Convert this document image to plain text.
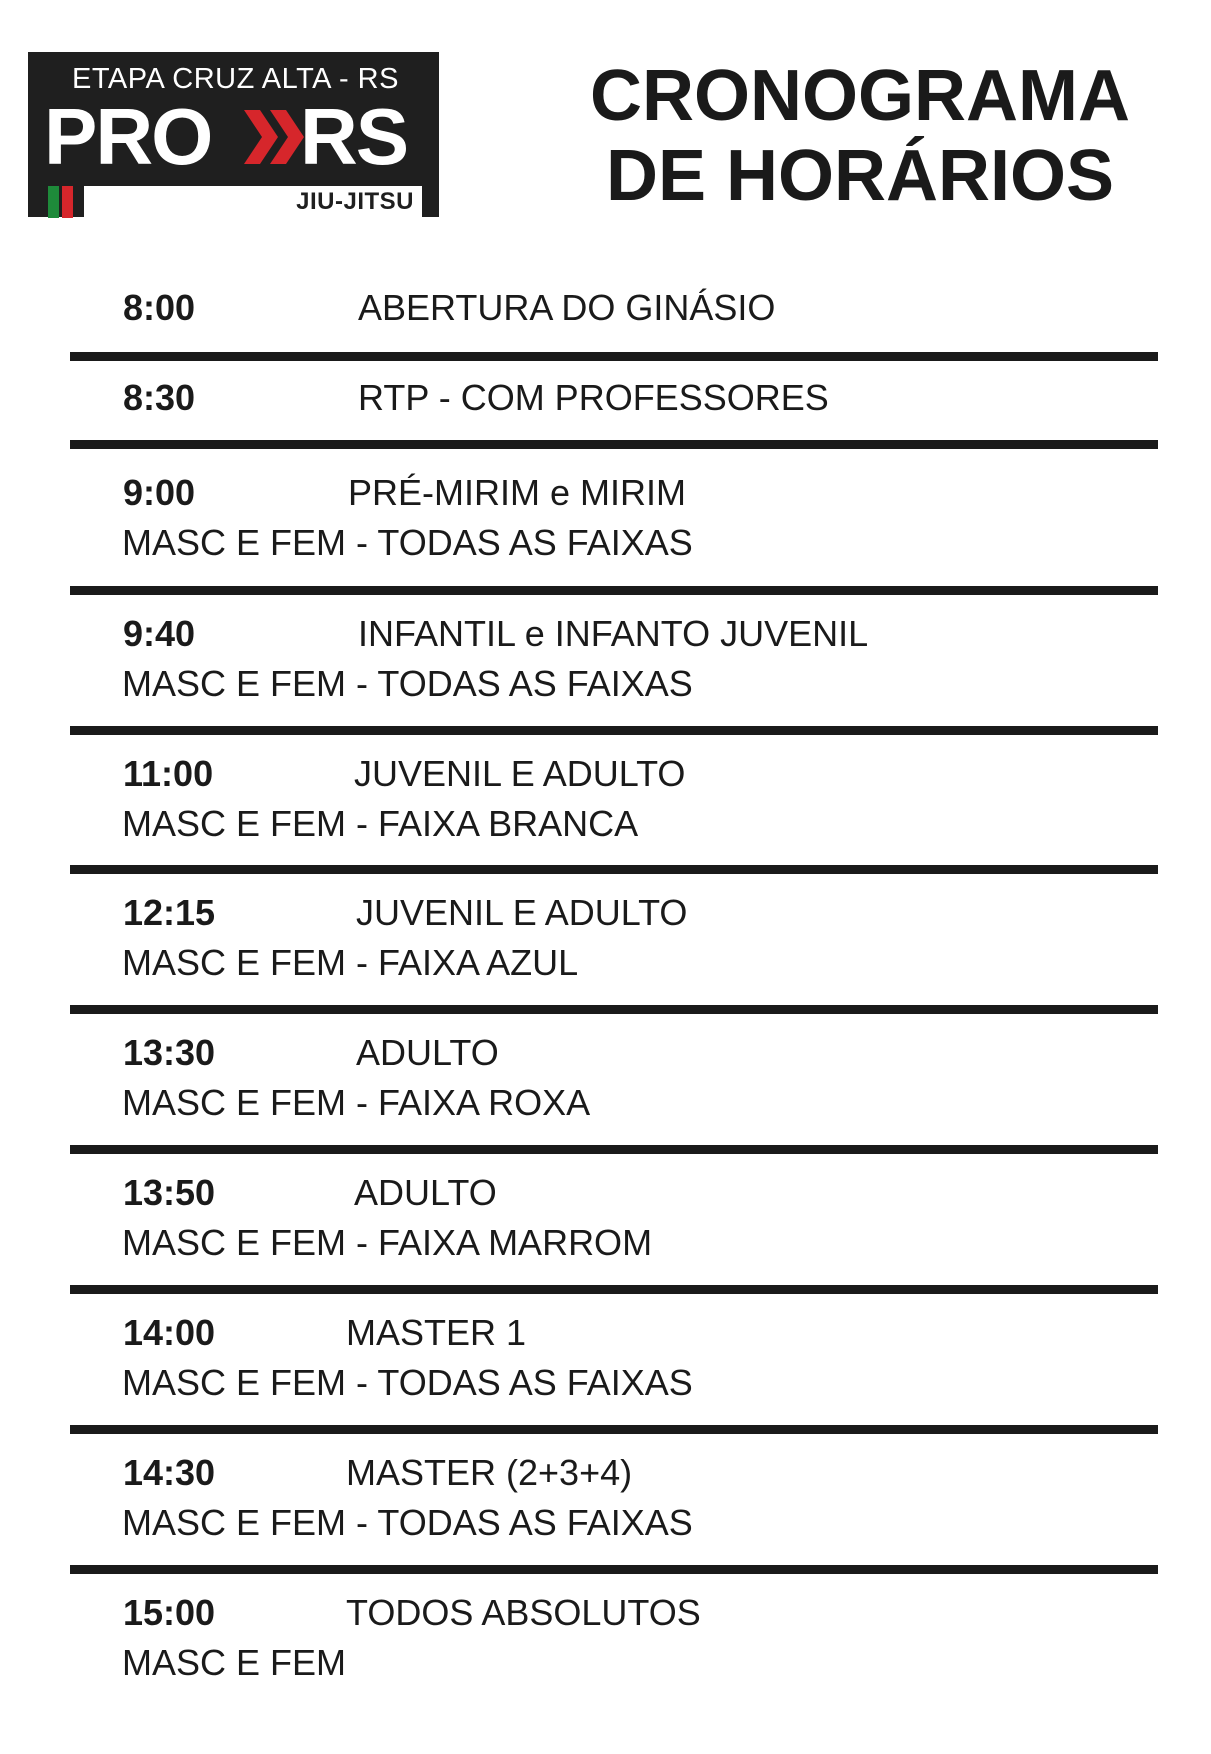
ETAPA CRUZ ALTA - RS
PRO RS
JIU-JITSU
CRONOGRAMA
DE HORÁRIOS
8:00	ABERTURA DO GINÁSIO
8:30	RTP - COM PROFESSORES
9:00	PRÉ-MIRIM e MIRIM
MASC E FEM - TODAS AS FAIXAS
9:40	INFANTIL e INFANTO JUVENIL
MASC E FEM - TODAS AS FAIXAS
11:00	JUVENIL E ADULTO
MASC E FEM - FAIXA BRANCA
12:15	JUVENIL E ADULTO
MASC E FEM - FAIXA AZUL
13:30	ADULTO
MASC E FEM - FAIXA ROXA
13:50	ADULTO
MASC E FEM - FAIXA MARROM
14:00	MASTER 1
MASC E FEM - TODAS AS FAIXAS
14:30	MASTER (2+3+4)
MASC E FEM - TODAS AS FAIXAS
15:00	TODOS ABSOLUTOS
MASC E FEM
